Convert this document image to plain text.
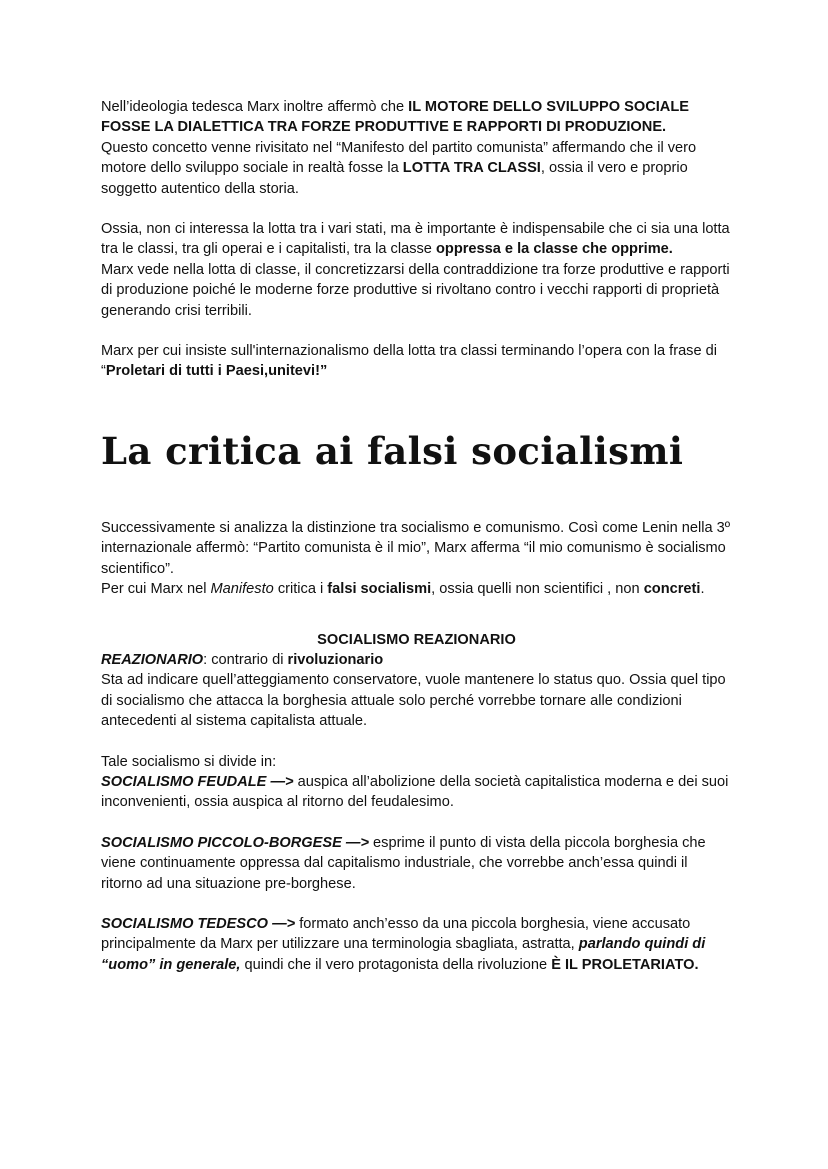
Nell’ideologia tedesca Marx inoltre affermò che IL MOTORE DELLO SVILUPPO SOCIALE FOSSE LA DIALETTICA TRA FORZE PRODUTTIVE E RAPPORTI DI PRODUZIONE.
Questo concetto venne rivisitato nel “Manifesto del partito comunista” affermando che il vero motore dello sviluppo sociale in realtà fosse la LOTTA TRA CLASSI, ossia il vero e proprio soggetto autentico della storia.

Ossia, non ci interessa la lotta tra i vari stati, ma è importante è indispensabile che ci sia una lotta tra le classi, tra gli operai e i capitalisti, tra la classe oppressa e la classe che opprime.
Marx vede nella lotta di classe, il concretizzarsi della contraddizione tra forze produttive e rapporti di produzione poiché le moderne forze produttive si rivoltano contro i vecchi rapporti di proprietà generando crisi terribili.

Marx per cui insiste sull'internazionalismo della lotta tra classi terminando l’opera con la frase di “Proletari di tutti i Paesi,unitevi!”

La critica ai falsi socialismi

Successivamente si analizza la distinzione tra socialismo e comunismo. Così come Lenin nella 3º internazionale affermò: “Partito comunista è il mio”, Marx afferma “il mio comunismo è socialismo scientifico”.
Per cui Marx nel Manifesto critica i falsi socialismi, ossia quelli non scientifici , non concreti.

SOCIALISMO REAZIONARIO

REAZIONARIO: contrario di rivoluzionario
Sta ad indicare quell’atteggiamento conservatore, vuole mantenere lo status quo. Ossia quel tipo di socialismo che attacca la borghesia attuale solo perché vorrebbe tornare alle condizioni antecedenti al sistema capitalista attuale.

Tale socialismo si divide in:
SOCIALISMO FEUDALE —> auspica all’abolizione della società capitalistica moderna e dei suoi inconvenienti, ossia auspica al ritorno del feudalesimo.

SOCIALISMO PICCOLO-BORGESE —> esprime il punto di vista della piccola borghesia che viene continuamente oppressa dal capitalismo industriale, che vorrebbe anch’essa quindi il ritorno ad una situazione pre-borghese.

SOCIALISMO TEDESCO —> formato anch’esso da una piccola borghesia, viene accusato principalmente da Marx per utilizzare una terminologia sbagliata, astratta, parlando quindi di “uomo” in generale, quindi che il vero protagonista della rivoluzione È IL PROLETARIATO.
